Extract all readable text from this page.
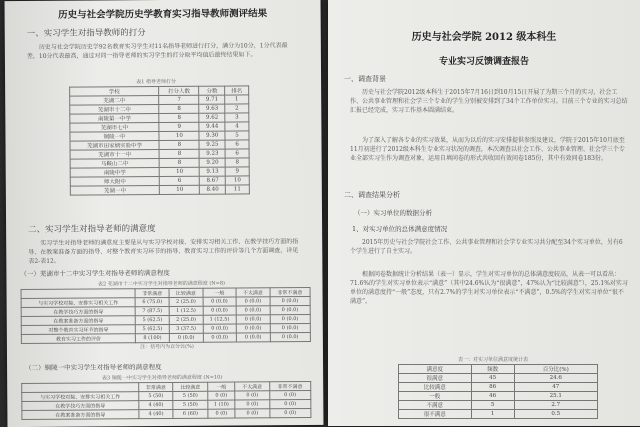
历史与社会学院历史学教育实习指导教师测评结果
一、实习学生对指导教师的打分
历史与社会学院历史学92名教育实习学生对11名指导老师进行打分，满分为10分，1分代表最差，10分代表最高，通过对同一指导老师的实习学生的打分取平均值后最终结果如下。
表1 指导老师打分
学校	打分人数	分数	排名
芜湖二中	7	9.71	1
芜湖市十二中	8	9.63	2
南陵第一中学	8	9.62	3
芜湖市七中	9	9.44	4
铜陵一中	10	9.30	5
芜湖市田家炳实验中学	8	9.25	6
芜湖市十一中	8	9.23	6
马鞍山二中	8	9.20	8
南陵中学	10	9.13	9
师大附中	6	8.67	10
芜湖一中	10	8.40	11
二、实习学生对指导老师的满意度
实习学生对指导老师的满意度主要是从与实习学校对接、安排实习相关工作、在教学技巧方面的指导、在教案准备方面的指导、对整个教育实习环节的指导、教育实习工作的评价等几个方面调查，详见表2-表12。
（一）芜湖市十二中实习学生对指导老师的满意程度
表2 芜湖市十二中实习学生对指导老师的满意程度 (N=8)
	非常满意	比较满意	一般	不太满意	非常不满意
与实习学校对接、安排实习相关工作	6 (75.0)	2 (25.0)	0 (0.0)	0 (0.0)	0 (0.0)
在教学技巧方面的指导	7 (87.5)	1 (12.5)	0 (0.0)	0 (0.0)	0 (0.0)
在教案准备方面的指导	5 (62.5)	2 (25.0)	1 (12.5)	0 (0.0)	0 (0.0)
对整个教育实习环节的指导	5 (62.5)	3 (37.5)	0 (0.0)	0 (0.0)	0 (0.0)
教育实习工作的评价	8 (100)	0 (0.0)	0 (0.0)	0 (0.0)	0 (0.0)
注：括号内为百分比(%)
（二）铜陵一中实习学生对指导老师的满意程度
表3 铜陵一中实习学生对指导老师的满意程度 (N=10)
	非常满意	比较满意	一般	不太满意	非常不满意
与实习学校对接、安排实习相关工作	5 (50)	5 (50)	0 (0)	0 (0)	0 (0)
在教学技巧方面的指导	4 (40)	5 (50)	1 (10)	0 (0)	0 (0)
在教案准备方面的指导	4 (40)	6 (60)	0 (0)	0 (0)	0 (0)
历史与社会学院 2012 级本科生
专业实习反馈调查报告
一、调查背景
历史与社会学院2012级本科生于2015年7月16日到10月15日开展了为期三个月的实习，社会工作、公共事业管理和社会学三个专业的学生分别被安排到了34个工作单位实习。目前三个专业的实习总结汇报已经完成，实习工作基本圆满结束。
为了深入了解各专业的实习效果，从而为以后的实习安排提供参照及建议，学院于2015年10月底至11月初进行了2012级本科生专业实习状况的调查，本次调查以社会工作、公共事业管理、社会学三个专业全部实习生作为调查对象，运用自填问卷的形式共收回有效问卷185份，其中有效问卷183份。
二、调查结果分析
（一）实习单位的数据分析
1、对实习单位的总体满意度情况
2015年历史与社会学院社会工作、公共事业管理和社会学专业实习共分配至34个实习单位，另有6个学生进行了自主实习。
根据问卷数据统计分析结果（表一）显示，学生对实习单位的总体满意度较高，从表一可以看出：71.6%的学生对实习单位表示“满意”（其中24.6%认为“很满意”，47%认为“比较满意”），25.1%对实习单位的满意度持“一般”态度，只有2.7%的学生对实习单位表示“不满意”，0.5%的学生对实习单位“很不满意”。
表一：对实习单位满意度统计表
满意度	频数	百分比(%)
很满意	45	24.6
比较满意	86	47
一般	46	25.1
不满意	5	2.7
很不满意	1	0.5
